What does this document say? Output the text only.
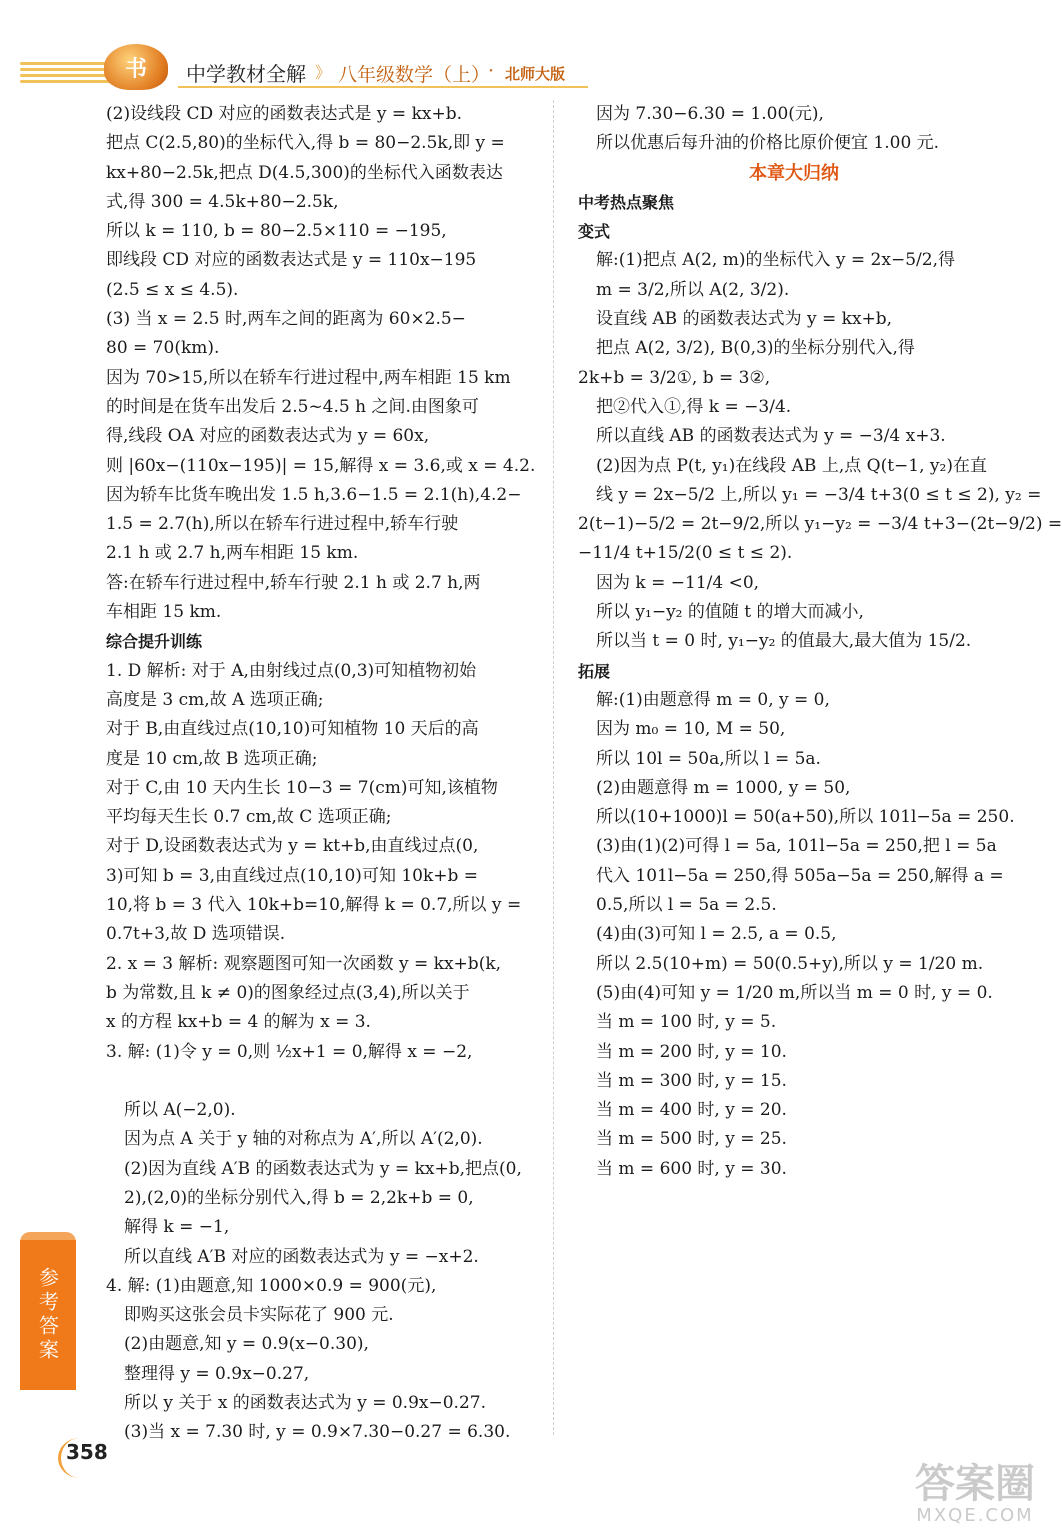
书	中学教材全解 》 八年级数学（上）
· 北师大版
(2)设线段 CD 对应的函数表达式是 y = kx+b.
把点 C(2.5,80)的坐标代入,得 b = 80−2.5k,即 y =
kx+80−2.5k,把点 D(4.5,300)的坐标代入函数表达
式,得 300 = 4.5k+80−2.5k,
所以 k = 110, b = 80−2.5×110 = −195,
即线段 CD 对应的函数表达式是 y = 110x−195
(2.5 ≤ x ≤ 4.5).
(3) 当 x = 2.5 时,两车之间的距离为 60×2.5−
80 = 70(km).
因为 70>15,所以在轿车行进过程中,两车相距 15 km
的时间是在货车出发后 2.5~4.5 h 之间.由图象可
得,线段 OA 对应的函数表达式为 y = 60x,
则 |60x−(110x−195)| = 15,解得 x = 3.6,或 x = 4.2.
因为轿车比货车晚出发 1.5 h,3.6−1.5 = 2.1(h),4.2−
1.5 = 2.7(h),所以在轿车行进过程中,轿车行驶
2.1 h 或 2.7 h,两车相距 15 km.
答:在轿车行进过程中,轿车行驶 2.1 h 或 2.7 h,两
车相距 15 km.
综合提升训练
1. D 解析: 对于 A,由射线过点(0,3)可知植物初始
高度是 3 cm,故 A 选项正确;
对于 B,由直线过点(10,10)可知植物 10 天后的高
度是 10 cm,故 B 选项正确;
对于 C,由 10 天内生长 10−3 = 7(cm)可知,该植物
平均每天生长 0.7 cm,故 C 选项正确;
对于 D,设函数表达式为 y = kt+b,由直线过点(0,
3)可知 b = 3,由直线过点(10,10)可知 10k+b =
10,将 b = 3 代入 10k+b=10,解得 k = 0.7,所以 y =
0.7t+3,故 D 选项错误.
2. x = 3 解析: 观察题图可知一次函数 y = kx+b(k,
b 为常数,且 k ≠ 0)的图象经过点(3,4),所以关于
x 的方程 kx+b = 4 的解为 x = 3.
3. 解: (1)令 y = 0,则 ½x+1 = 0,解得 x = −2,

所以 A(−2,0).
因为点 A 关于 y 轴的对称点为 A′,所以 A′(2,0).
(2)因为直线 A′B 的函数表达式为 y = kx+b,把点(0,
2),(2,0)的坐标分别代入,得 b = 2,2k+b = 0,
解得 k = −1,
所以直线 A′B 对应的函数表达式为 y = −x+2.
4. 解: (1)由题意,知 1000×0.9 = 900(元),
即购买这张会员卡实际花了 900 元.
(2)由题意,知 y = 0.9(x−0.30),
整理得 y = 0.9x−0.27,
所以 y 关于 x 的函数表达式为 y = 0.9x−0.27.
(3)当 x = 7.30 时, y = 0.9×7.30−0.27 = 6.30.
因为 7.30−6.30 = 1.00(元),
所以优惠后每升油的价格比原价便宜 1.00 元.
本章大归纳
中考热点聚焦
变式
解:(1)把点 A(2, m)的坐标代入 y = 2x−5/2,得
m = 3/2,所以 A(2, 3/2).
设直线 AB 的函数表达式为 y = kx+b,
把点 A(2, 3/2), B(0,3)的坐标分别代入,得
2k+b = 3/2①, b = 3②,
把②代入①,得 k = −3/4.
所以直线 AB 的函数表达式为 y = −3/4 x+3.
(2)因为点 P(t, y₁)在线段 AB 上,点 Q(t−1, y₂)在直
线 y = 2x−5/2 上,所以 y₁ = −3/4 t+3(0 ≤ t ≤ 2), y₂ =
2(t−1)−5/2 = 2t−9/2,所以 y₁−y₂ = −3/4 t+3−(2t−9/2) =
−11/4 t+15/2(0 ≤ t ≤ 2).
因为 k = −11/4 <0,
所以 y₁−y₂ 的值随 t 的增大而减小,
所以当 t = 0 时, y₁−y₂ 的值最大,最大值为 15/2.
拓展
解:(1)由题意得 m = 0, y = 0,
因为 m₀ = 10, M = 50,
所以 10l = 50a,所以 l = 5a.
(2)由题意得 m = 1000, y = 50,
所以(10+1000)l = 50(a+50),所以 101l−5a = 250.
(3)由(1)(2)可得 l = 5a, 101l−5a = 250,把 l = 5a
代入 101l−5a = 250,得 505a−5a = 250,解得 a =
0.5,所以 l = 5a = 2.5.
(4)由(3)可知 l = 2.5, a = 0.5,
所以 2.5(10+m) = 50(0.5+y),所以 y = 1/20 m.
(5)由(4)可知 y = 1/20 m,所以当 m = 0 时, y = 0.
当 m = 100 时, y = 5.
当 m = 200 时, y = 10.
当 m = 300 时, y = 15.
当 m = 400 时, y = 20.
当 m = 500 时, y = 25.
当 m = 600 时, y = 30.
参考答案
358
答案圈
MXQE.COM
